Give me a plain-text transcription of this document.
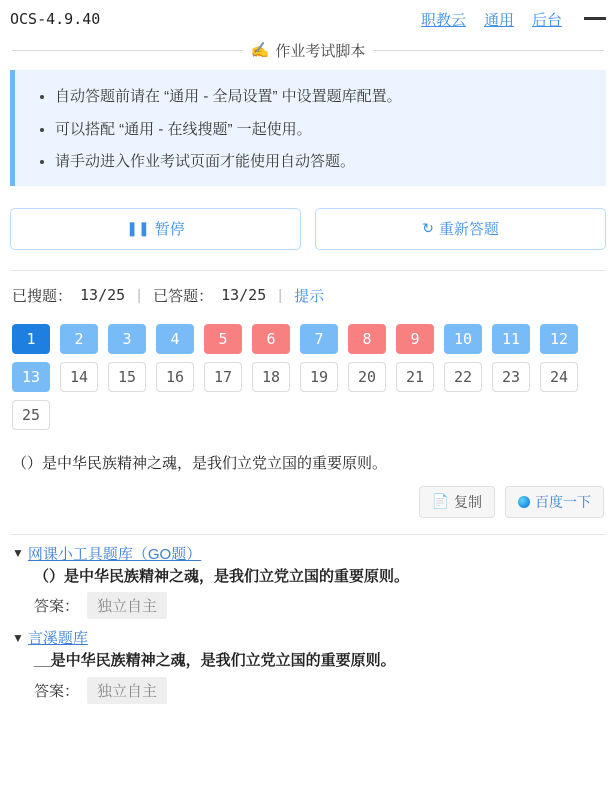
OCS-4.9.40	职教云 通用 后台
✍ 作业考试脚本
• 自动答题前请在 “通用 - 全局设置” 中设置题库配置。
• 可以搭配 “通用 - 在线搜题” 一起使用。
• 请手动进入作业考试页面才能使用自动答题。
❚❚ 暂停	↻ 重新答题
已搜题： 13/25 | 已答题： 13/25 | 提示
1	2	3	4	5	6	7	8	9	10	11	12
13	14	15	16	17	18	19	20	21	22	23	24
25
（）是中华民族精神之魂，是我们立党立国的重要原则。
📄 复制	百度一下
▼ 网课小工具题库（GO题）
（）是中华民族精神之魂，是我们立党立国的重要原则。
答案：	独立自主
▼ 言溪题库
__是中华民族精神之魂，是我们立党立国的重要原则。
答案：	独立自主
